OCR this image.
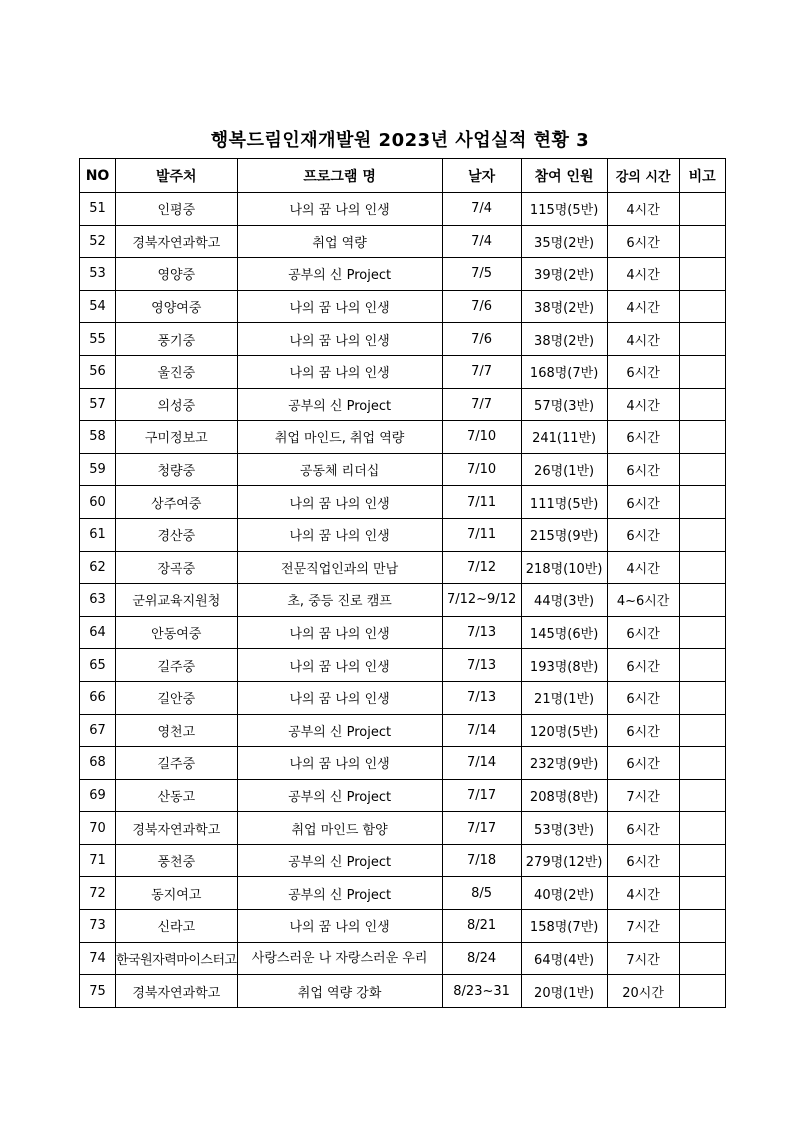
행복드림인재개발원 2023년 사업실적 현황 3
NO	발주처	프로그램 명	날자	참여 인원	강의 시간	비고
51	인평중	나의 꿈 나의 인생	7/4	115명(5반)	4시간	
52	경북자연과학고	취업 역량	7/4	35명(2반)	6시간	
53	영양중	공부의 신 Project	7/5	39명(2반)	4시간	
54	영양여중	나의 꿈 나의 인생	7/6	38명(2반)	4시간	
55	풍기중	나의 꿈 나의 인생	7/6	38명(2반)	4시간	
56	울진중	나의 꿈 나의 인생	7/7	168명(7반)	6시간	
57	의성중	공부의 신 Project	7/7	57명(3반)	4시간	
58	구미정보고	취업 마인드, 취업 역량	7/10	241(11반)	6시간	
59	청량중	공동체 리더십	7/10	26명(1반)	6시간	
60	상주여중	나의 꿈 나의 인생	7/11	111명(5반)	6시간	
61	경산중	나의 꿈 나의 인생	7/11	215명(9반)	6시간	
62	장곡중	전문직업인과의 만남	7/12	218명(10반)	4시간	
63	군위교육지원청	초, 중등 진로 캠프	7/12~9/12	44명(3반)	4~6시간	
64	안동여중	나의 꿈 나의 인생	7/13	145명(6반)	6시간	
65	길주중	나의 꿈 나의 인생	7/13	193명(8반)	6시간	
66	길안중	나의 꿈 나의 인생	7/13	21명(1반)	6시간	
67	영천고	공부의 신 Project	7/14	120명(5반)	6시간	
68	길주중	나의 꿈 나의 인생	7/14	232명(9반)	6시간	
69	산동고	공부의 신 Project	7/17	208명(8반)	7시간	
70	경북자연과학고	취업 마인드 함양	7/17	53명(3반)	6시간	
71	풍천중	공부의 신 Project	7/18	279명(12반)	6시간	
72	동지여고	공부의 신 Project	8/5	40명(2반)	4시간	
73	신라고	나의 꿈 나의 인생	8/21	158명(7반)	7시간	
74	한국원자력마이스터고	사랑스러운 나 자랑스러운 우리	8/24	64명(4반)	7시간	
75	경북자연과학고	취업 역량 강화	8/23~31	20명(1반)	20시간	
